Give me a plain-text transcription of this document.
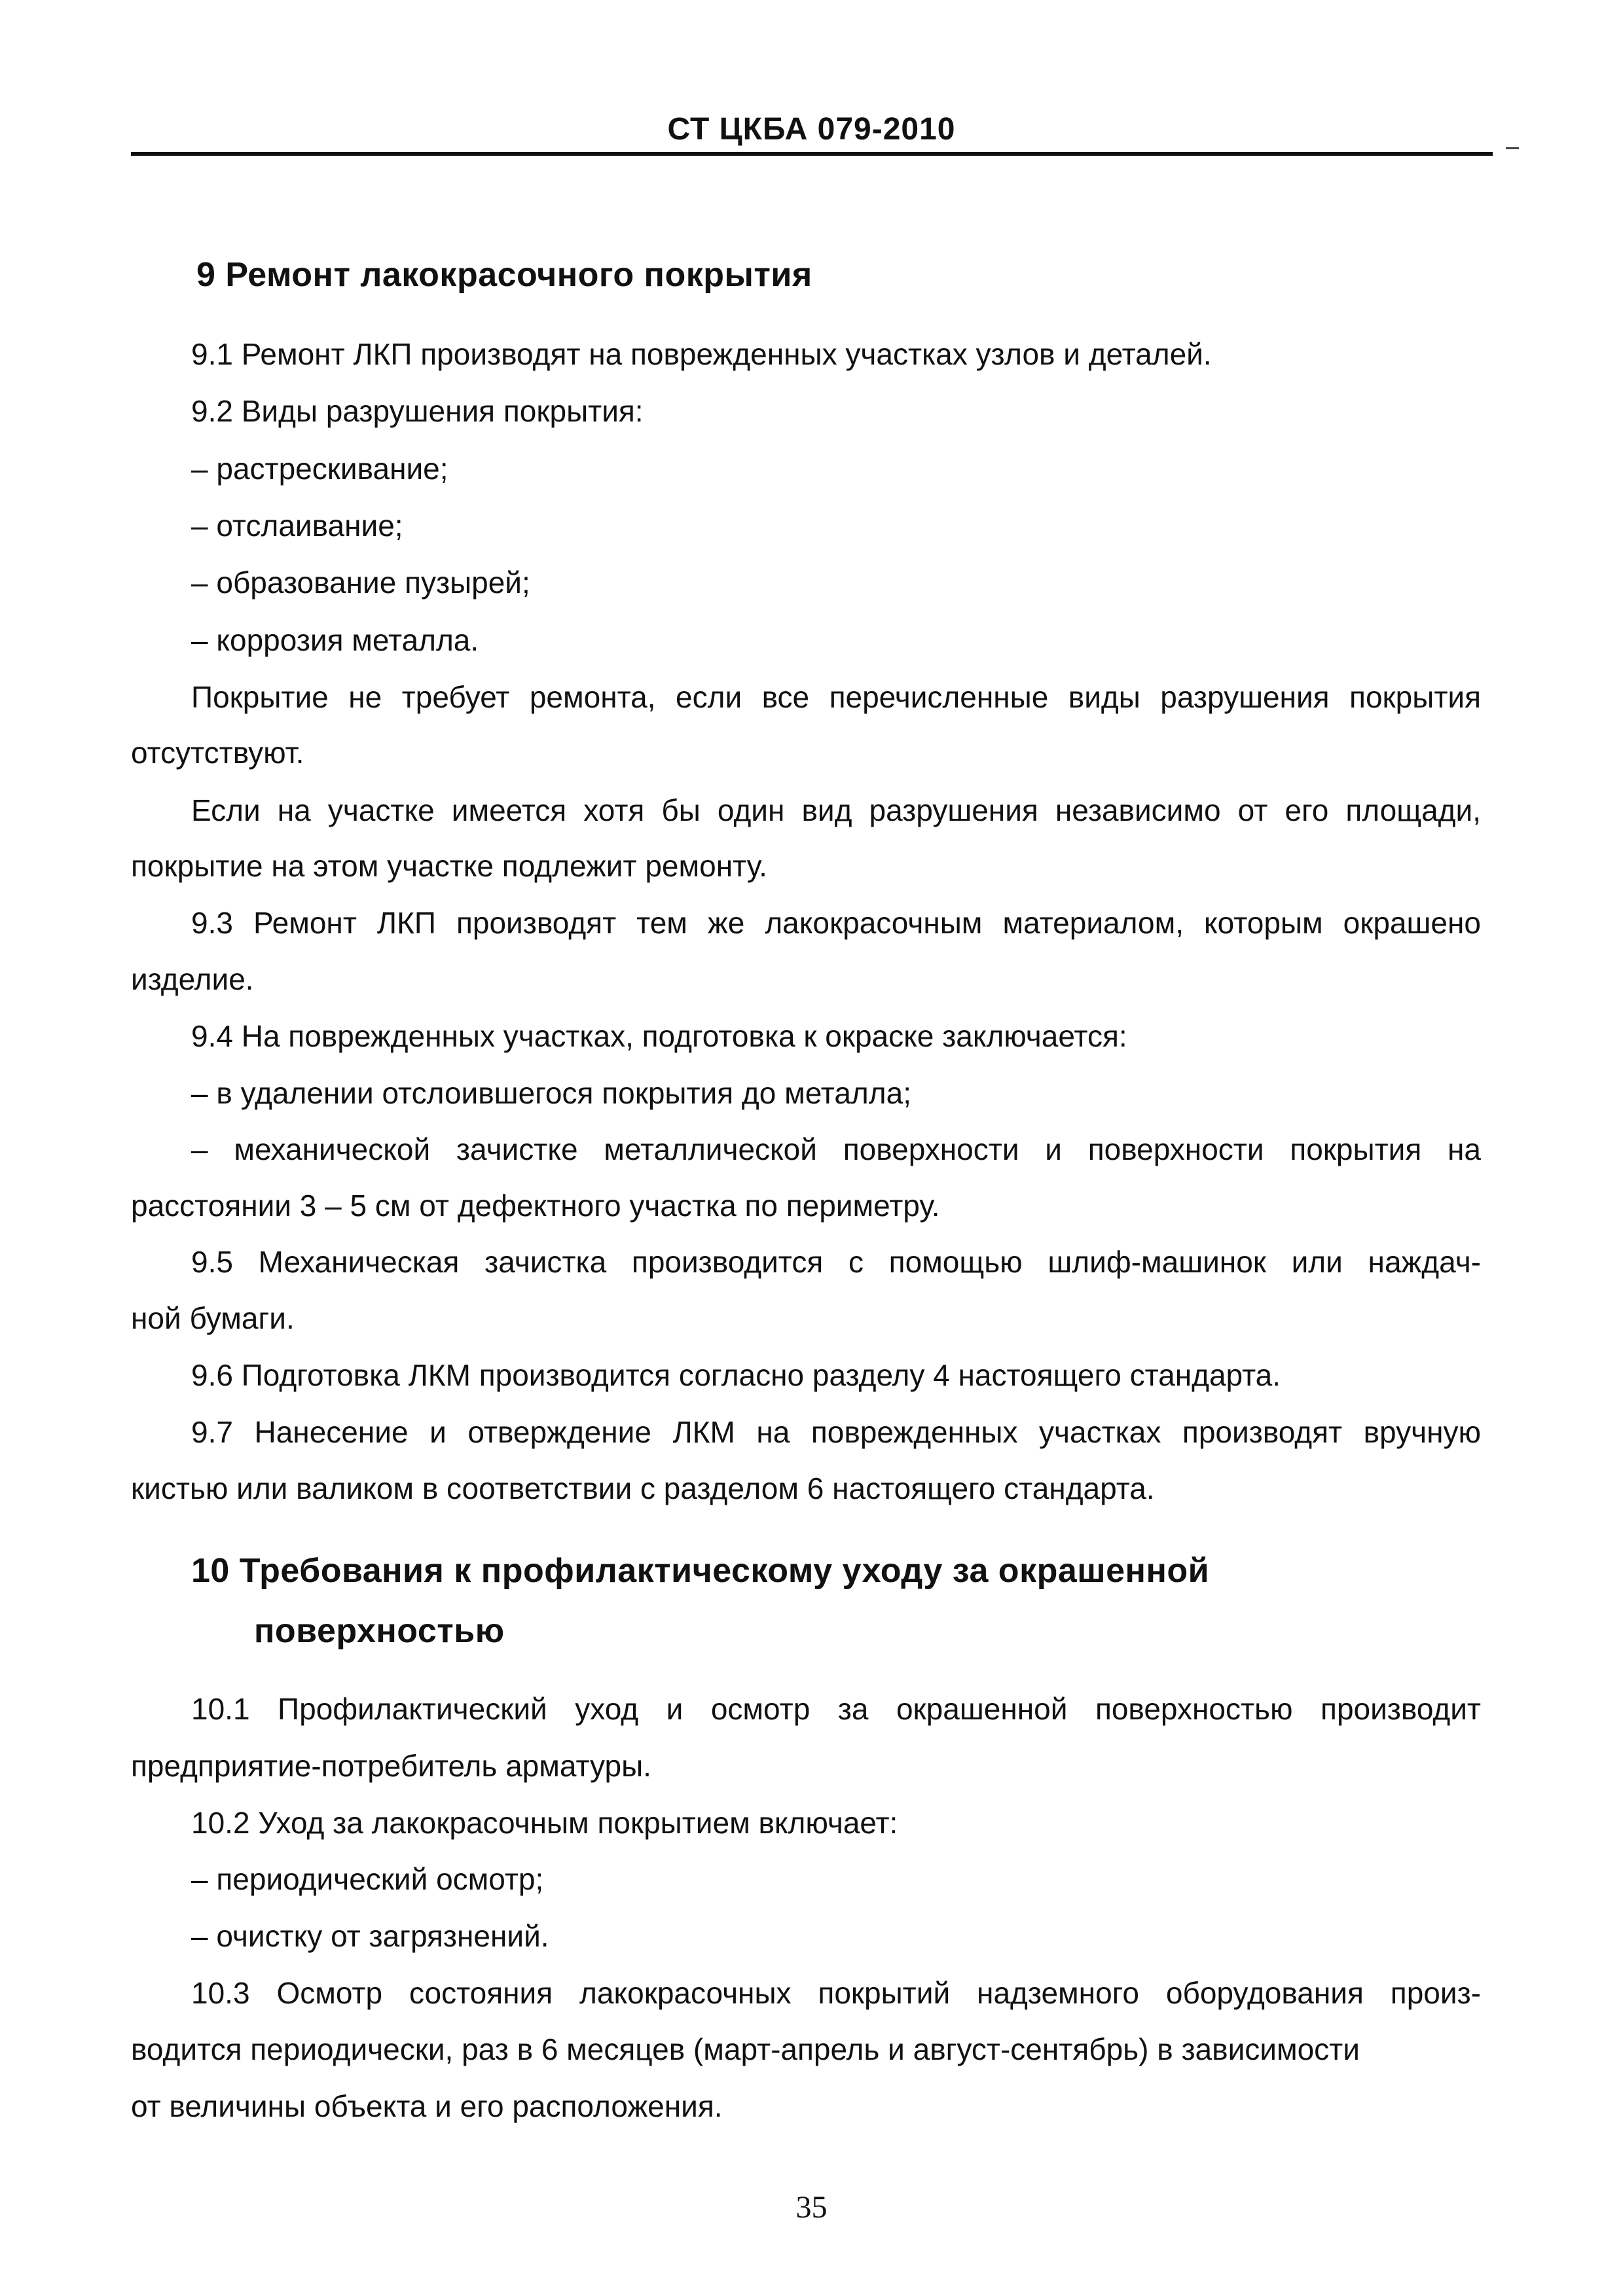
СТ ЦКБА 079-2010
9 Ремонт лакокрасочного покрытия
9.1 Ремонт ЛКП производят на поврежденных участках узлов и деталей.
9.2 Виды разрушения покрытия:
– растрескивание;
– отслаивание;
– образование пузырей;
– коррозия металла.
Покрытие не требует ремонта, если все перечисленные виды разрушения покрытия
отсутствуют.
Если на участке имеется хотя бы один вид разрушения независимо от его площади,
покрытие на этом участке подлежит ремонту.
9.3 Ремонт ЛКП производят тем же лакокрасочным материалом, которым окрашено
изделие.
9.4 На поврежденных участках, подготовка к окраске заключается:
– в удалении отслоившегося покрытия до металла;
– механической зачистке металлической поверхности и поверхности покрытия на
расстоянии 3 – 5 см от дефектного участка по периметру.
9.5 Механическая зачистка производится с помощью шлиф-машинок или наждач-
ной бумаги.
9.6 Подготовка ЛКМ производится согласно разделу 4 настоящего стандарта.
9.7 Нанесение и отверждение ЛКМ на поврежденных участках производят вручную
кистью или валиком в соответствии с разделом 6 настоящего стандарта.
10 Требования к профилактическому уходу за окрашенной
поверхностью
10.1 Профилактический уход и осмотр за окрашенной поверхностью производит
предприятие-потребитель арматуры.
10.2 Уход за лакокрасочным покрытием включает:
– периодический осмотр;
– очистку от загрязнений.
10.3 Осмотр состояния лакокрасочных покрытий надземного оборудования произ-
водится периодически, раз в 6 месяцев (март-апрель и август-сентябрь) в зависимости
от величины объекта и его расположения.
35
